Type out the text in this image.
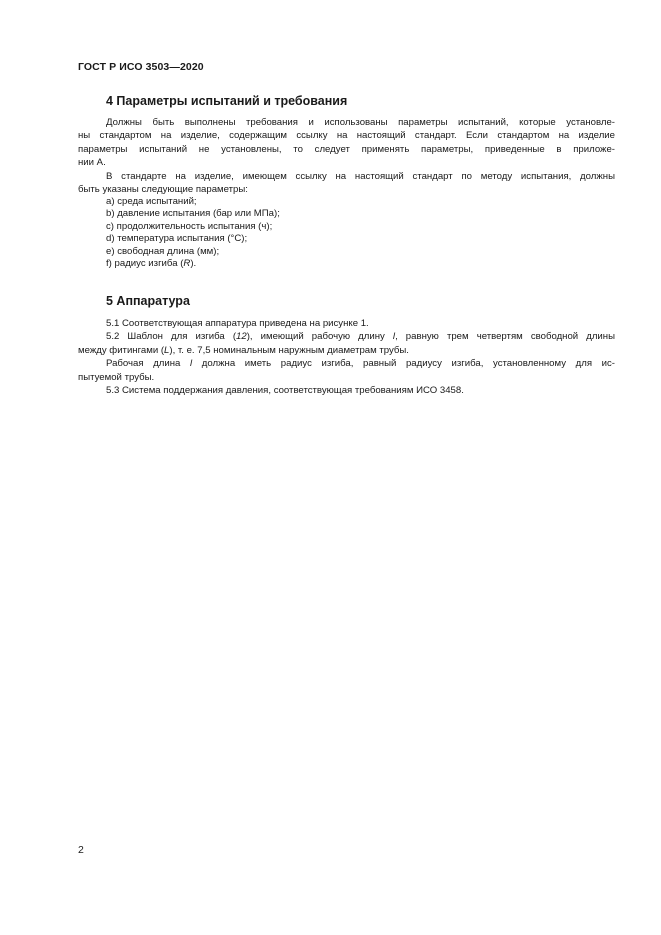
ГОСТ Р ИСО 3503—2020
4 Параметры испытаний и требования
Должны быть выполнены требования и использованы параметры испытаний, которые установле-
ны стандартом на изделие, содержащим ссылку на настоящий стандарт. Если стандартом на изделие
параметры испытаний не установлены, то следует применять параметры, приведенные в приложе-
нии А.
В стандарте на изделие, имеющем ссылку на настоящий стандарт по методу испытания, должны
быть указаны следующие параметры:

a) среда испытаний;

b) давление испытания (бар или МПа);

c) продолжительность испытания (ч);

d) температура испытания (°С);

e) свободная длина (мм);

f) радиус изгиба (R).

5 Аппаратура
5.1 Соответствующая аппаратура приведена на рисунке 1.
5.2 Шаблон для изгиба (12), имеющий рабочую длину l, равную трем четвертям свободной длины
между фитингами (L), т. е. 7,5 номинальным наружным диаметрам трубы.
Рабочая длина l должна иметь радиус изгиба, равный радиусу изгиба, установленному для ис-
пытуемой трубы.
5.3 Система поддержания давления, соответствующая требованиям ИСО 3458.
2
